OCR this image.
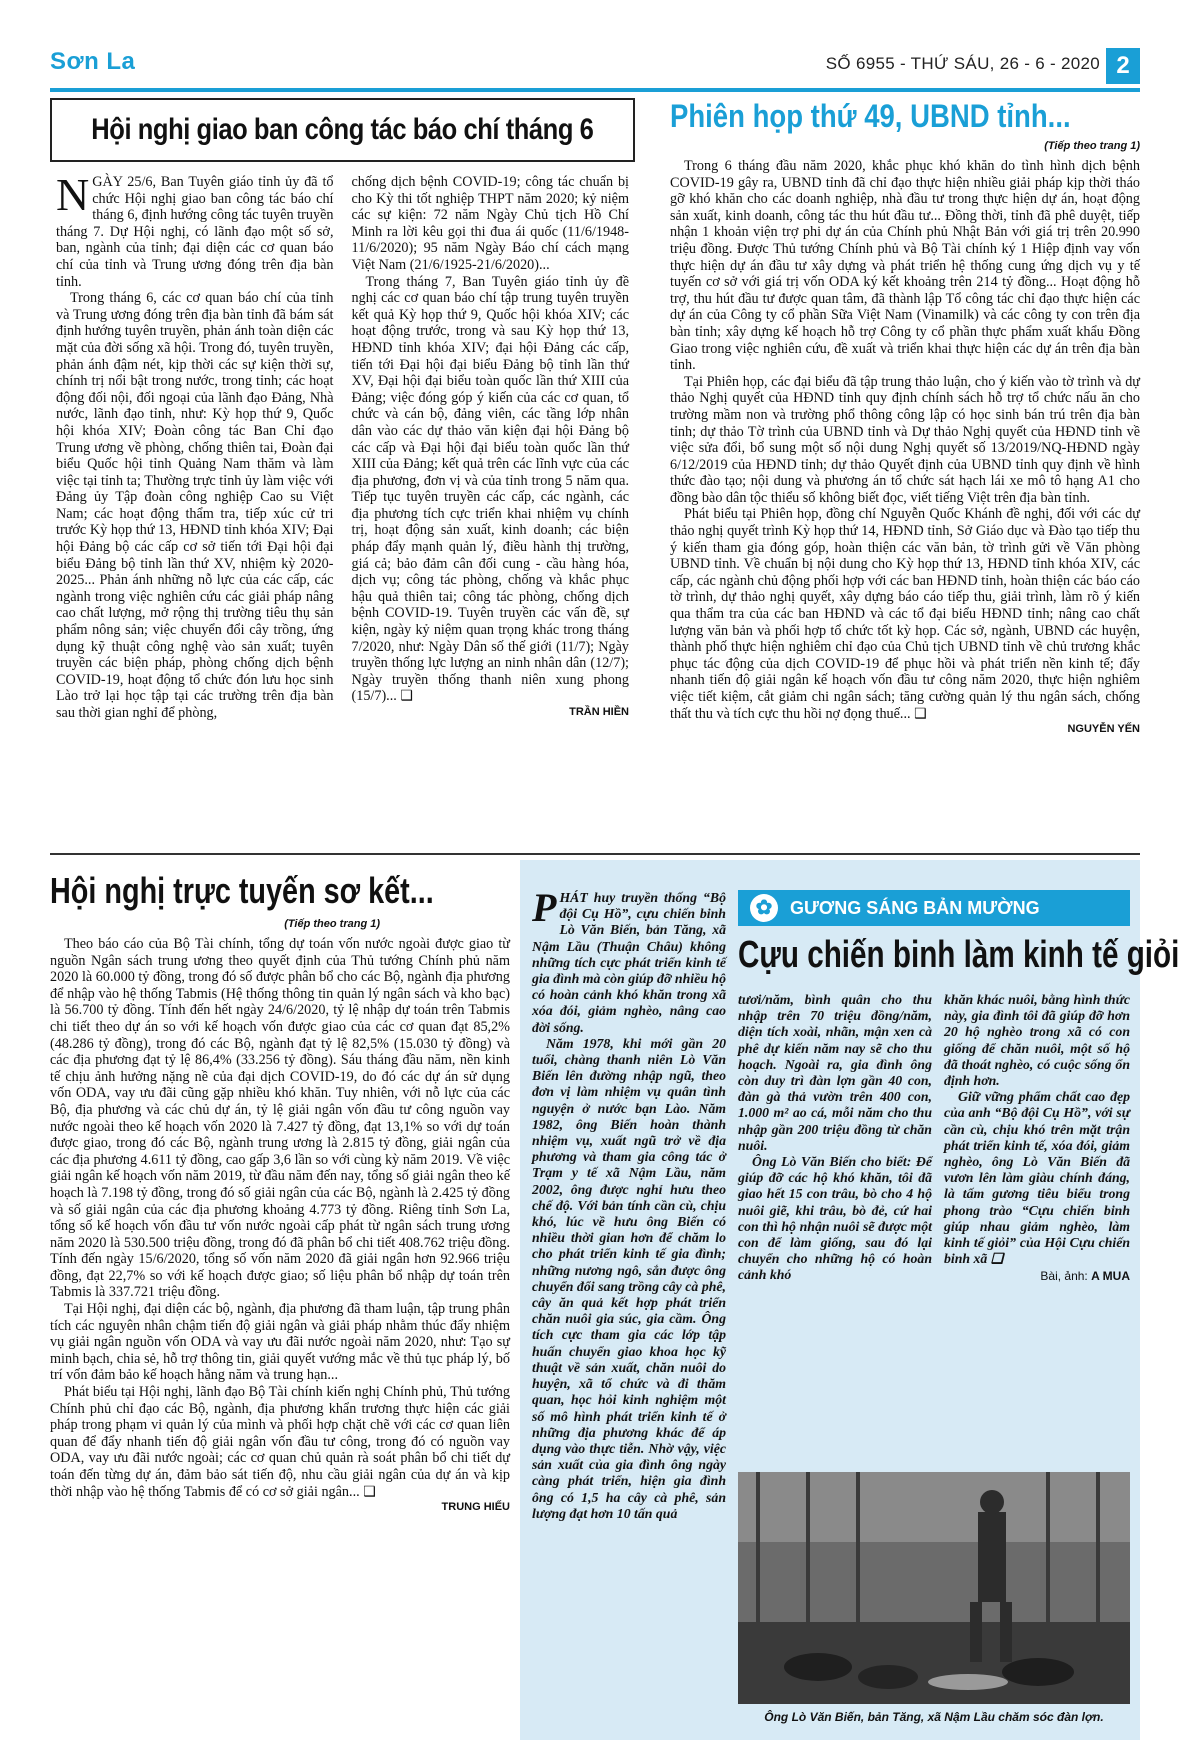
Sơn La	SỐ 6955 - THỨ SÁU, 26 - 6 - 2020 2
Hội nghị giao ban công tác báo chí tháng 6

NGÀY 25/6, Ban Tuyên giáo tỉnh ủy đã tổ chức Hội nghị giao ban công tác báo chí tháng 6, định hướng công tác tuyên truyền tháng 7. Dự Hội nghị, có lãnh đạo một số sở, ban, ngành của tỉnh; đại diện các cơ quan báo chí của tỉnh và Trung ương đóng trên địa bàn tỉnh.

Trong tháng 6, các cơ quan báo chí của tỉnh và Trung ương đóng trên địa bàn tỉnh đã bám sát định hướng tuyên truyền, phản ánh toàn diện các mặt của đời sống xã hội. Trong đó, tuyên truyền, phản ánh đậm nét, kịp thời các sự kiện thời sự, chính trị nổi bật trong nước, trong tỉnh; các hoạt động đối nội, đối ngoại của lãnh đạo Đảng, Nhà nước, lãnh đạo tỉnh, như: Kỳ họp thứ 9, Quốc hội khóa XIV; Đoàn công tác Ban Chỉ đạo Trung ương về phòng, chống thiên tai, Đoàn đại biểu Quốc hội tỉnh Quảng Nam thăm và làm việc tại tỉnh ta; Thường trực tỉnh ủy làm việc với Đảng ủy Tập đoàn công nghiệp Cao su Việt Nam; các hoạt động thẩm tra, tiếp xúc cử tri trước Kỳ họp thứ 13, HĐND tỉnh khóa XIV; Đại hội Đảng bộ các cấp cơ sở tiến tới Đại hội đại biểu Đảng bộ tỉnh lần thứ XV, nhiệm kỳ 2020-2025... Phản ánh những nỗ lực của các cấp, các ngành trong việc nghiên cứu các giải pháp nâng cao chất lượng, mở rộng thị trường tiêu thụ sản phẩm nông sản; việc chuyển đổi cây trồng, ứng dụng kỹ thuật công nghệ vào sản xuất; tuyên truyền các biện pháp, phòng chống dịch bệnh COVID-19, hoạt động tổ chức đón lưu học sinh Lào trở lại học tập tại các trường trên địa bàn sau thời gian nghỉ để phòng,

chống dịch bệnh COVID-19; công tác chuẩn bị cho Kỳ thi tốt nghiệp THPT năm 2020; kỷ niệm các sự kiện: 72 năm Ngày Chủ tịch Hồ Chí Minh ra lời kêu gọi thi đua ái quốc (11/6/1948-11/6/2020); 95 năm Ngày Báo chí cách mạng Việt Nam (21/6/1925-21/6/2020)...

Trong tháng 7, Ban Tuyên giáo tỉnh ủy đề nghị các cơ quan báo chí tập trung tuyên truyền kết quả Kỳ họp thứ 9, Quốc hội khóa XIV; các hoạt động trước, trong và sau Kỳ họp thứ 13, HĐND tỉnh khóa XIV; đại hội Đảng các cấp, tiến tới Đại hội đại biểu Đảng bộ tỉnh lần thứ XV, Đại hội đại biểu toàn quốc lần thứ XIII của Đảng; việc đóng góp ý kiến của các cơ quan, tổ chức và cán bộ, đảng viên, các tầng lớp nhân dân vào các dự thảo văn kiện đại hội Đảng bộ các cấp và Đại hội đại biểu toàn quốc lần thứ XIII của Đảng; kết quả trên các lĩnh vực của các địa phương, đơn vị và của tỉnh trong 5 năm qua. Tiếp tục tuyên truyền các cấp, các ngành, các địa phương tích cực triển khai nhiệm vụ chính trị, hoạt động sản xuất, kinh doanh; các biện pháp đẩy mạnh quản lý, điều hành thị trường, giá cả; bảo đảm cân đối cung - cầu hàng hóa, dịch vụ; công tác phòng, chống và khắc phục hậu quả thiên tai; công tác phòng, chống dịch bệnh COVID-19. Tuyên truyền các vấn đề, sự kiện, ngày kỷ niệm quan trọng khác trong tháng 7/2020, như: Ngày Dân số thế giới (11/7); Ngày truyền thống lực lượng an ninh nhân dân (12/7); Ngày truyền thống thanh niên xung phong (15/7)... ❑

TRẦN HIỀN
Phiên họp thứ 49, UBND tỉnh...
(Tiếp theo trang 1)

Trong 6 tháng đầu năm 2020, khắc phục khó khăn do tình hình dịch bệnh COVID-19 gây ra, UBND tỉnh đã chỉ đạo thực hiện nhiều giải pháp kịp thời tháo gỡ khó khăn cho các doanh nghiệp, nhà đầu tư trong thực hiện dự án, hoạt động sản xuất, kinh doanh, công tác thu hút đầu tư... Đồng thời, tỉnh đã phê duyệt, tiếp nhận 1 khoản viện trợ phi dự án của Chính phủ Nhật Bản với giá trị trên 20.990 triệu đồng. Được Thủ tướng Chính phủ và Bộ Tài chính ký 1 Hiệp định vay vốn thực hiện dự án đầu tư xây dựng và phát triển hệ thống cung ứng dịch vụ y tế tuyến cơ sở với giá trị vốn ODA ký kết khoảng trên 214 tỷ đồng... Hoạt động hỗ trợ, thu hút đầu tư được quan tâm, đã thành lập Tổ công tác chỉ đạo thực hiện các dự án của Công ty cổ phần Sữa Việt Nam (Vinamilk) và các công ty con trên địa bàn tỉnh; xây dựng kế hoạch hỗ trợ Công ty cổ phần thực phẩm xuất khẩu Đồng Giao trong việc nghiên cứu, đề xuất và triển khai thực hiện các dự án trên địa bàn tỉnh.

Tại Phiên họp, các đại biểu đã tập trung thảo luận, cho ý kiến vào tờ trình và dự thảo Nghị quyết của HĐND tỉnh quy định chính sách hỗ trợ tổ chức nấu ăn cho trường mầm non và trường phổ thông công lập có học sinh bán trú trên địa bàn tỉnh; dự thảo Tờ trình của UBND tỉnh và Dự thảo Nghị quyết của HĐND tỉnh về việc sửa đổi, bổ sung một số nội dung Nghị quyết số 13/2019/NQ-HĐND ngày 6/12/2019 của HĐND tỉnh; dự thảo Quyết định của UBND tỉnh quy định về hình thức đào tạo; nội dung và phương án tổ chức sát hạch lái xe mô tô hạng A1 cho đồng bào dân tộc thiểu số không biết đọc, viết tiếng Việt trên địa bàn tỉnh.

Phát biểu tại Phiên họp, đồng chí Nguyễn Quốc Khánh đề nghị, đối với các dự thảo nghị quyết trình Kỳ họp thứ 14, HĐND tỉnh, Sở Giáo dục và Đào tạo tiếp thu ý kiến tham gia đóng góp, hoàn thiện các văn bản, tờ trình gửi về Văn phòng UBND tỉnh. Về chuẩn bị nội dung cho Kỳ họp thứ 13, HĐND tỉnh khóa XIV, các cấp, các ngành chủ động phối hợp với các ban HĐND tỉnh, hoàn thiện các báo cáo tờ trình, dự thảo nghị quyết, xây dựng báo cáo tiếp thu, giải trình, làm rõ ý kiến qua thẩm tra của các ban HĐND và các tổ đại biểu HĐND tỉnh; nâng cao chất lượng văn bản và phối hợp tổ chức tốt kỳ họp. Các sở, ngành, UBND các huyện, thành phố thực hiện nghiêm chỉ đạo của Chủ tịch UBND tỉnh về chủ trương khắc phục tác động của dịch COVID-19 để phục hồi và phát triển nền kinh tế; đẩy nhanh tiến độ giải ngân kế hoạch vốn đầu tư công năm 2020, thực hiện nghiêm việc tiết kiệm, cắt giảm chi ngân sách; tăng cường quản lý thu ngân sách, chống thất thu và tích cực thu hồi nợ đọng thuế... ❑

NGUYỄN YẾN
Hội nghị trực tuyến sơ kết...
(Tiếp theo trang 1)

Theo báo cáo của Bộ Tài chính, tổng dự toán vốn nước ngoài được giao từ nguồn Ngân sách trung ương theo quyết định của Thủ tướng Chính phủ năm 2020 là 60.000 tỷ đồng, trong đó số được phân bổ cho các Bộ, ngành địa phương để nhập vào hệ thống Tabmis (Hệ thống thông tin quản lý ngân sách và kho bạc) là 56.700 tỷ đồng. Tính đến hết ngày 24/6/2020, tỷ lệ nhập dự toán trên Tabmis chi tiết theo dự án so với kế hoạch vốn được giao của các cơ quan đạt 85,2% (48.286 tỷ đồng), trong đó các Bộ, ngành đạt tỷ lệ 82,5% (15.030 tỷ đồng) và các địa phương đạt tỷ lệ 86,4% (33.256 tỷ đồng). Sáu tháng đầu năm, nền kinh tế chịu ảnh hưởng nặng nề của đại dịch COVID-19, do đó các dự án sử dụng vốn ODA, vay ưu đãi cũng gặp nhiều khó khăn. Tuy nhiên, với nỗ lực của các Bộ, địa phương và các chủ dự án, tỷ lệ giải ngân vốn đầu tư công nguồn vay nước ngoài theo kế hoạch vốn 2020 là 7.427 tỷ đồng, đạt 13,1% so với dự toán được giao, trong đó các Bộ, ngành trung ương là 2.815 tỷ đồng, giải ngân của các địa phương 4.611 tỷ đồng, cao gấp 3,6 lần so với cùng kỳ năm 2019. Về việc giải ngân kế hoạch vốn năm 2019, từ đầu năm đến nay, tổng số giải ngân theo kế hoạch là 7.198 tỷ đồng, trong đó số giải ngân của các Bộ, ngành là 2.425 tỷ đồng và số giải ngân của các địa phương khoảng 4.773 tỷ đồng. Riêng tỉnh Sơn La, tổng số kế hoạch vốn đầu tư vốn nước ngoài cấp phát từ ngân sách trung ương năm 2020 là 530.500 triệu đồng, trong đó đã phân bổ chi tiết 408.762 triệu đồng. Tính đến ngày 15/6/2020, tổng số vốn năm 2020 đã giải ngân hơn 92.966 triệu đồng, đạt 22,7% so với kế hoạch được giao; số liệu phân bổ nhập dự toán trên Tabmis là 337.721 triệu đồng.

Tại Hội nghị, đại diện các bộ, ngành, địa phương đã tham luận, tập trung phân tích các nguyên nhân chậm tiến độ giải ngân và giải pháp nhằm thúc đẩy nhiệm vụ giải ngân nguồn vốn ODA và vay ưu đãi nước ngoài năm 2020, như: Tạo sự minh bạch, chia sẻ, hỗ trợ thông tin, giải quyết vướng mắc về thủ tục pháp lý, bố trí vốn đảm bảo kế hoạch hằng năm và trung hạn...

Phát biểu tại Hội nghị, lãnh đạo Bộ Tài chính kiến nghị Chính phủ, Thủ tướng Chính phủ chỉ đạo các Bộ, ngành, địa phương khẩn trương thực hiện các giải pháp trong phạm vi quản lý của mình và phối hợp chặt chẽ với các cơ quan liên quan để đẩy nhanh tiến độ giải ngân vốn đầu tư công, trong đó có nguồn vay ODA, vay ưu đãi nước ngoài; các cơ quan chủ quản rà soát phân bổ chi tiết dự toán đến từng dự án, đảm bảo sát tiến độ, nhu cầu giải ngân của dự án và kịp thời nhập vào hệ thống Tabmis để có cơ sở giải ngân... ❑

TRUNG HIẾU

PHÁT huy truyền thống “Bộ đội Cụ Hồ”, cựu chiến binh Lò Văn Biến, bản Tăng, xã Nậm Lầu (Thuận Châu) không những tích cực phát triển kinh tế gia đình mà còn giúp đỡ nhiều hộ có hoàn cảnh khó khăn trong xã xóa đói, giảm nghèo, nâng cao đời sống.

Năm 1978, khi mới gần 20 tuổi, chàng thanh niên Lò Văn Biến lên đường nhập ngũ, theo đơn vị làm nhiệm vụ quân tình nguyện ở nước bạn Lào. Năm 1982, ông Biến hoàn thành nhiệm vụ, xuất ngũ trở về địa phương và tham gia công tác ở Trạm y tế xã Nậm Lầu, năm 2002, ông được nghỉ hưu theo chế độ. Với bản tính cần cù, chịu khó, lúc về hưu ông Biến có nhiều thời gian hơn để chăm lo cho phát triển kinh tế gia đình; những nương ngô, sắn được ông chuyển đổi sang trồng cây cà phê, cây ăn quả kết hợp phát triển chăn nuôi gia súc, gia cầm. Ông tích cực tham gia các lớp tập huấn chuyển giao khoa học kỹ thuật về sản xuất, chăn nuôi do huyện, xã tổ chức và đi thăm quan, học hỏi kinh nghiệm một số mô hình phát triển kinh tế ở những địa phương khác để áp dụng vào thực tiễn. Nhờ vậy, việc sản xuất của gia đình ông ngày càng phát triển, hiện gia đình ông có 1,5 ha cây cà phê, sản lượng đạt hơn 10 tấn quả

✿ GƯƠNG SÁNG BẢN MƯỜNG
Cựu chiến binh làm kinh tế giỏi

tươi/năm, bình quân cho thu nhập trên 70 triệu đồng/năm, diện tích xoài, nhãn, mận xen cà phê dự kiến năm nay sẽ cho thu hoạch. Ngoài ra, gia đình ông còn duy trì đàn lợn gần 40 con, đàn gà thả vườn trên 400 con, 1.000 m² ao cá, mỗi năm cho thu nhập gần 200 triệu đồng từ chăn nuôi.

Ông Lò Văn Biến cho biết: Để giúp đỡ các hộ khó khăn, tôi đã giao hết 15 con trâu, bò cho 4 hộ nuôi giẽ, khi trâu, bò đẻ, cứ hai con thì hộ nhận nuôi sẽ được một con để làm giống, sau đó lại chuyển cho những hộ có hoàn cảnh khó

khăn khác nuôi, bằng hình thức này, gia đình tôi đã giúp đỡ hơn 20 hộ nghèo trong xã có con giống để chăn nuôi, một số hộ đã thoát nghèo, có cuộc sống ổn định hơn.

Giữ vững phẩm chất cao đẹp của anh “Bộ đội Cụ Hồ”, với sự cần cù, chịu khó trên mặt trận phát triển kinh tế, xóa đói, giảm nghèo, ông Lò Văn Biến đã vươn lên làm giàu chính đáng, là tấm gương tiêu biểu trong phong trào “Cựu chiến binh giúp nhau giảm nghèo, làm kinh tế giỏi” của Hội Cựu chiến binh xã ❑

Bài, ảnh: A MUA
Ông Lò Văn Biến, bản Tăng, xã Nậm Lầu chăm sóc đàn lợn.
